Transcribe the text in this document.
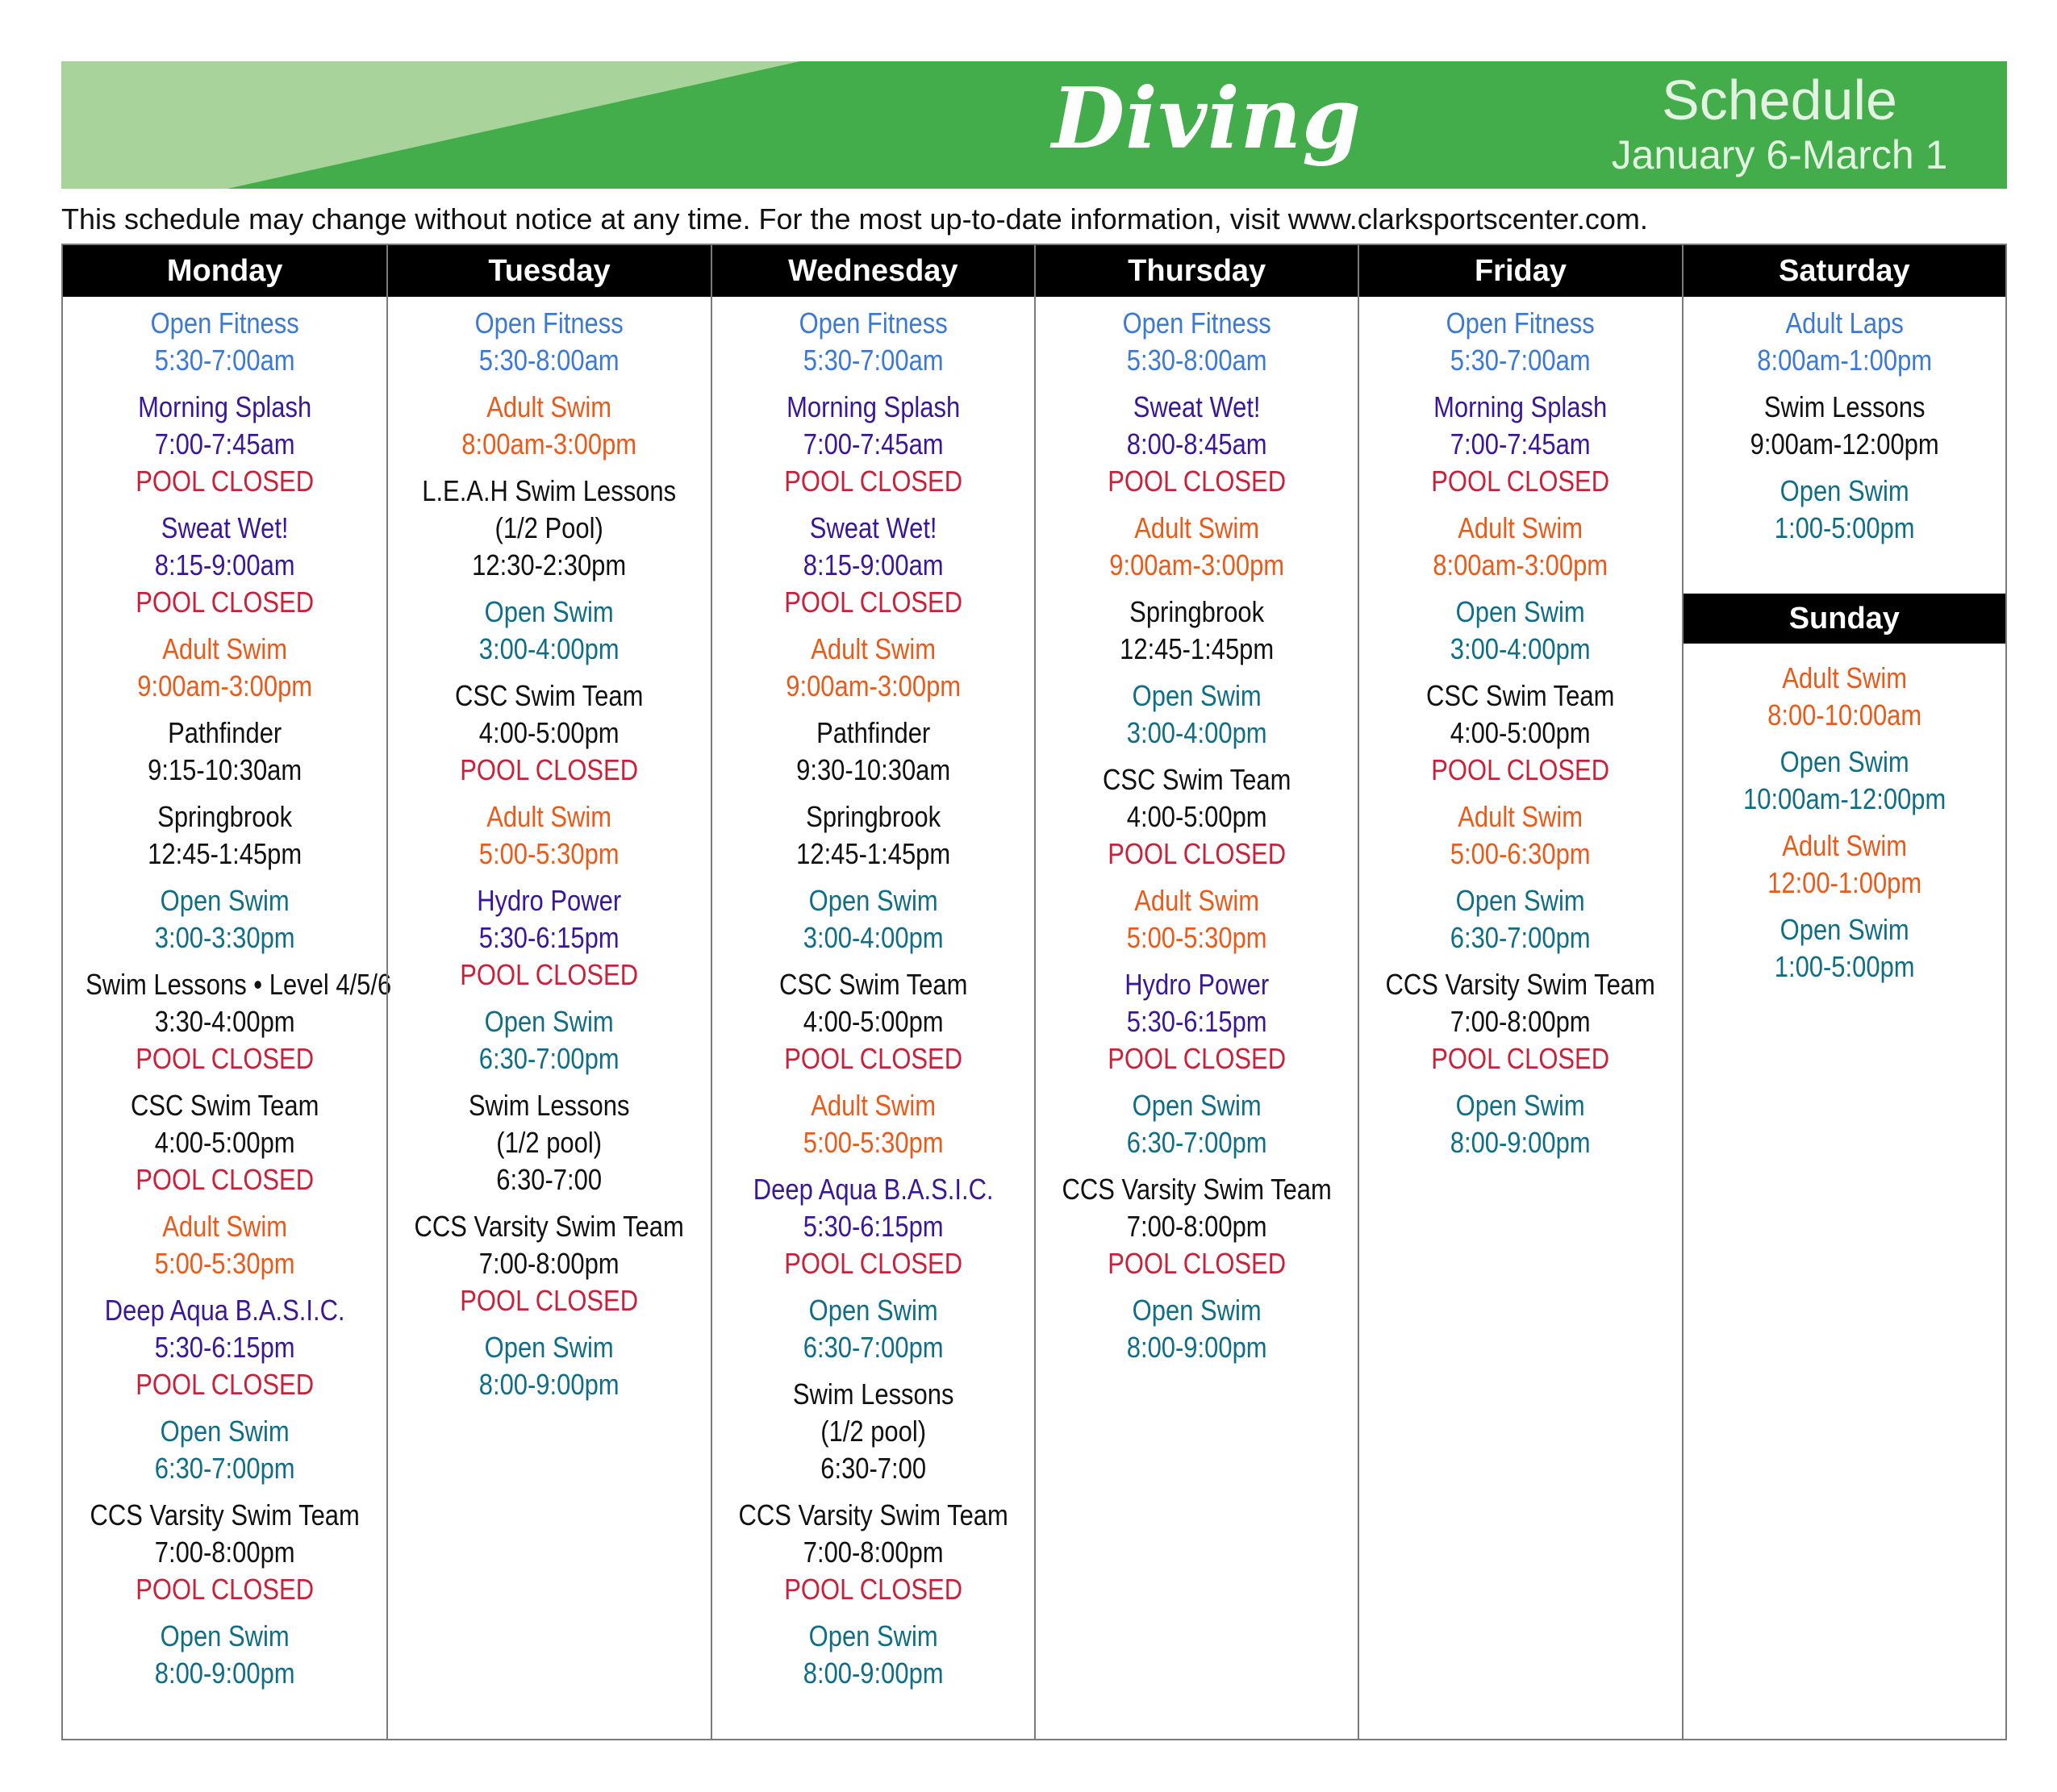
Diving	Schedule
January 6-March 1
This schedule may change without notice at any time. For the most up-to-date information, visit www.clarksportscenter.com.
Monday
Open Fitness
5:30-7:00am
Morning Splash
7:00-7:45am
POOL CLOSED
Sweat Wet!
8:15-9:00am
POOL CLOSED
Adult Swim
9:00am-3:00pm
Pathfinder
9:15-10:30am
Springbrook
12:45-1:45pm
Open Swim
3:00-3:30pm
Swim Lessons • Level 4/5/6
3:30-4:00pm
POOL CLOSED
CSC Swim Team
4:00-5:00pm
POOL CLOSED
Adult Swim
5:00-5:30pm
Deep Aqua B.A.S.I.C.
5:30-6:15pm
POOL CLOSED
Open Swim
6:30-7:00pm
CCS Varsity Swim Team
7:00-8:00pm
POOL CLOSED
Open Swim
8:00-9:00pm
Tuesday
Open Fitness
5:30-8:00am
Adult Swim
8:00am-3:00pm
L.E.A.H Swim Lessons
(1/2 Pool)
12:30-2:30pm
Open Swim
3:00-4:00pm
CSC Swim Team
4:00-5:00pm
POOL CLOSED
Adult Swim
5:00-5:30pm
Hydro Power
5:30-6:15pm
POOL CLOSED
Open Swim
6:30-7:00pm
Swim Lessons
(1/2 pool)
6:30-7:00
CCS Varsity Swim Team
7:00-8:00pm
POOL CLOSED
Open Swim
8:00-9:00pm
Wednesday
Open Fitness
5:30-7:00am
Morning Splash
7:00-7:45am
POOL CLOSED
Sweat Wet!
8:15-9:00am
POOL CLOSED
Adult Swim
9:00am-3:00pm
Pathfinder
9:30-10:30am
Springbrook
12:45-1:45pm
Open Swim
3:00-4:00pm
CSC Swim Team
4:00-5:00pm
POOL CLOSED
Adult Swim
5:00-5:30pm
Deep Aqua B.A.S.I.C.
5:30-6:15pm
POOL CLOSED
Open Swim
6:30-7:00pm
Swim Lessons
(1/2 pool)
6:30-7:00
CCS Varsity Swim Team
7:00-8:00pm
POOL CLOSED
Open Swim
8:00-9:00pm
Thursday
Open Fitness
5:30-8:00am
Sweat Wet!
8:00-8:45am
POOL CLOSED
Adult Swim
9:00am-3:00pm
Springbrook
12:45-1:45pm
Open Swim
3:00-4:00pm
CSC Swim Team
4:00-5:00pm
POOL CLOSED
Adult Swim
5:00-5:30pm
Hydro Power
5:30-6:15pm
POOL CLOSED
Open Swim
6:30-7:00pm
CCS Varsity Swim Team
7:00-8:00pm
POOL CLOSED
Open Swim
8:00-9:00pm
Friday
Open Fitness
5:30-7:00am
Morning Splash
7:00-7:45am
POOL CLOSED
Adult Swim
8:00am-3:00pm
Open Swim
3:00-4:00pm
CSC Swim Team
4:00-5:00pm
POOL CLOSED
Adult Swim
5:00-6:30pm
Open Swim
6:30-7:00pm
CCS Varsity Swim Team
7:00-8:00pm
POOL CLOSED
Open Swim
8:00-9:00pm
Saturday
Adult Laps
8:00am-1:00pm
Swim Lessons
9:00am-12:00pm
Open Swim
1:00-5:00pm
Sunday
Adult Swim
8:00-10:00am
Open Swim
10:00am-12:00pm
Adult Swim
12:00-1:00pm
Open Swim
1:00-5:00pm
